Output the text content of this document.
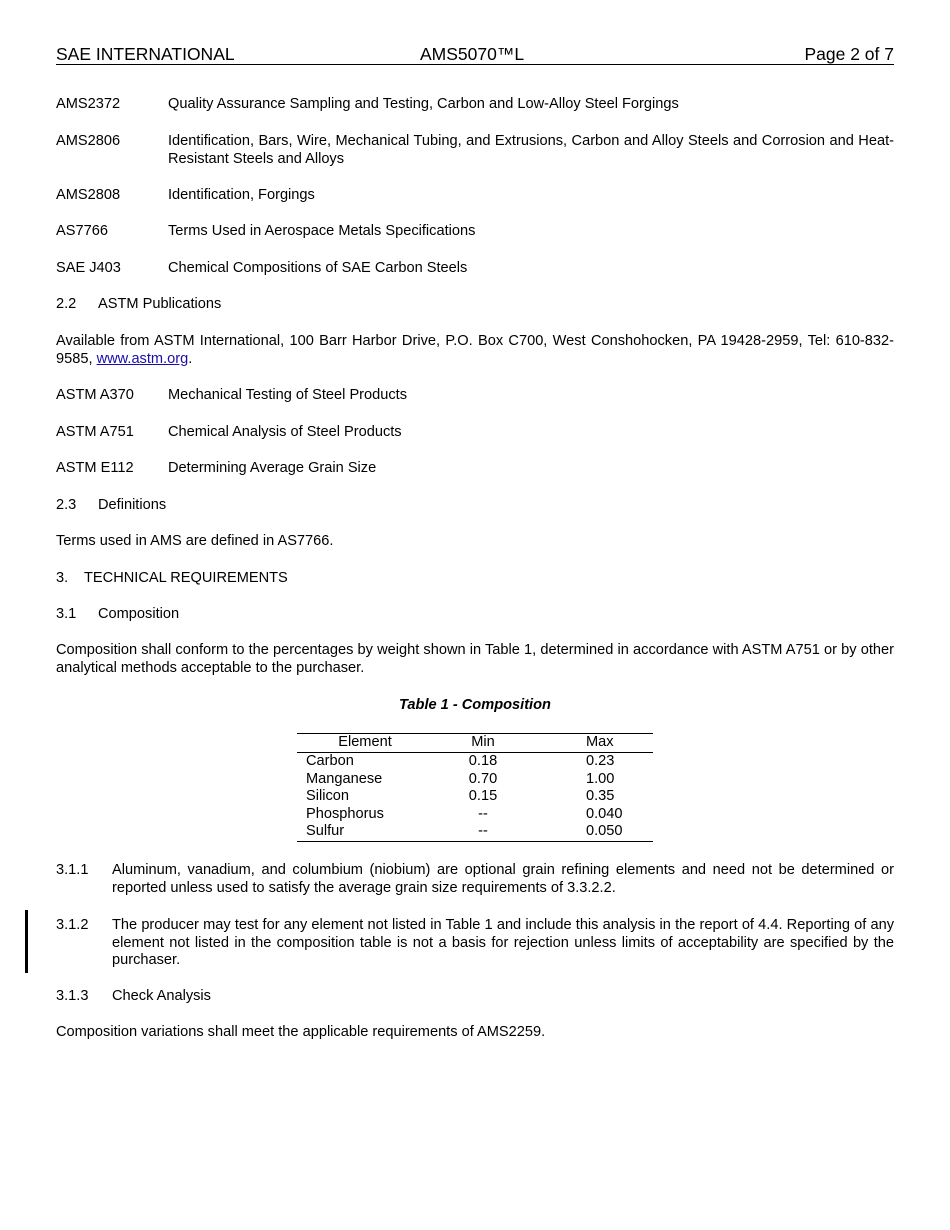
SAE INTERNATIONAL	AMS5070™L	Page 2 of 7
AMS2372	Quality Assurance Sampling and Testing, Carbon and Low-Alloy Steel Forgings
AMS2806	Identification, Bars, Wire, Mechanical Tubing, and Extrusions, Carbon and Alloy Steels and Corrosion and Heat-Resistant Steels and Alloys
AMS2808	Identification, Forgings
AS7766	Terms Used in Aerospace Metals Specifications
SAE J403	Chemical Compositions of SAE Carbon Steels
2.2 ASTM Publications
Available from ASTM International, 100 Barr Harbor Drive, P.O. Box C700, West Conshohocken, PA 19428-2959, Tel: 610-832-9585, www.astm.org.
ASTM A370 Mechanical Testing of Steel Products
ASTM A751 Chemical Analysis of Steel Products
ASTM E112 Determining Average Grain Size
2.3 Definitions
Terms used in AMS are defined in AS7766.
3. TECHNICAL REQUIREMENTS
3.1 Composition
Composition shall conform to the percentages by weight shown in Table 1, determined in accordance with ASTM A751 or by other analytical methods acceptable to the purchaser.
Table 1 - Composition
Element	Min	Max
Carbon	0.18	0.23
Manganese	0.70	1.00
Silicon	0.15	0.35
Phosphorus	--	0.040
Sulfur	--	0.050
3.1.1 Aluminum, vanadium, and columbium (niobium) are optional grain refining elements and need not be determined or reported unless used to satisfy the average grain size requirements of 3.3.2.2.
3.1.2 The producer may test for any element not listed in Table 1 and include this analysis in the report of 4.4. Reporting of any element not listed in the composition table is not a basis for rejection unless limits of acceptability are specified by the purchaser.
3.1.3 Check Analysis
Composition variations shall meet the applicable requirements of AMS2259.
